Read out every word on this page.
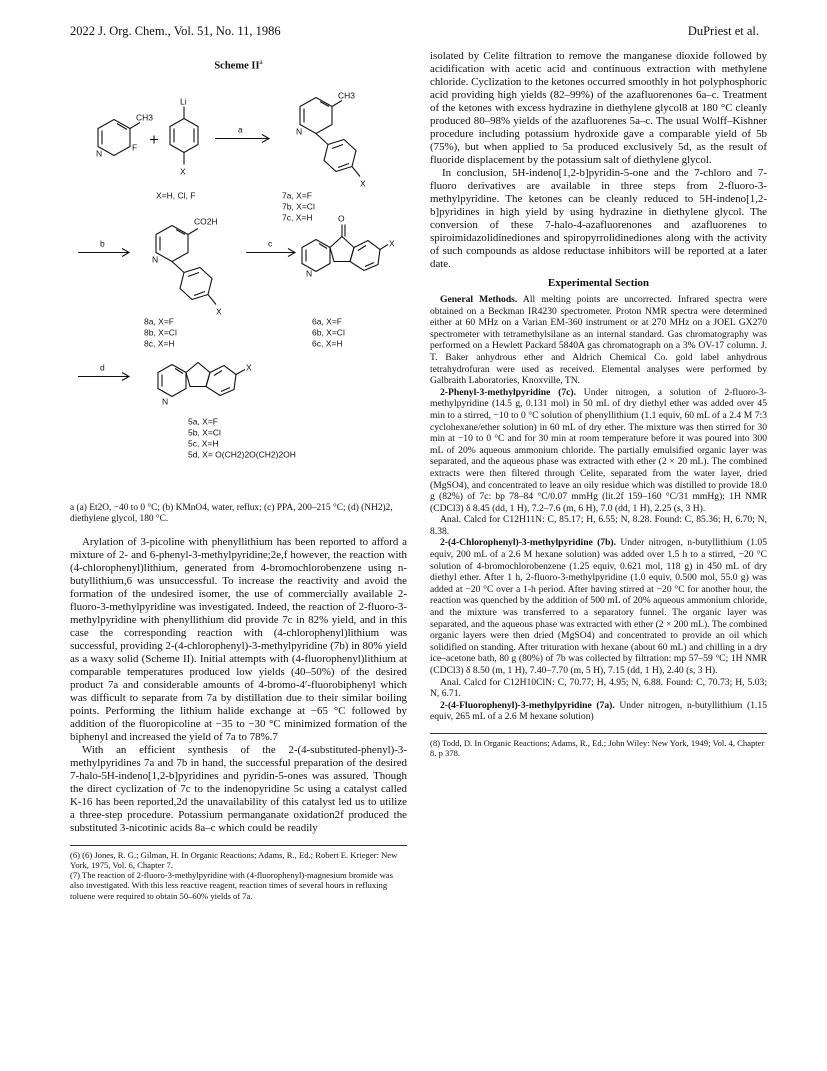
2022 J. Org. Chem., Vol. 51, No. 11, 1986	DuPriest et al.
Scheme $II^a$
CH3
N
F
Li
X
X=H, Cl, F
a
CH3
N
X
7a, X=F
7b, X=Cl
7c, X=H
b
CO2H
N
X
8a, X=F
8b, X=Cl
8c, X=H
c
O
N
X
6a, X=F
6b, X=Cl
6c, X=H
d
N
X
5a, X=F
5b, X=Cl
5c, X=H
5d, X= O(CH2)2O(CH2)2OH
a (a) Et2O, −40 to 0 °C; (b) KMnO4, water, reflux; (c) PPA, 200–215 °C; (d) (NH2)2, diethylene glycol, 180 °C.

Arylation of 3-picoline with phenyllithium has been reported to afford a mixture of 2- and 6-phenyl-3-methylpyridine;2e,f however, the reaction with (4-chlorophenyl)lithium, generated from 4-bromochlorobenzene using n-butyllithium,6 was unsuccessful. To increase the reactivity and avoid the formation of the undesired isomer, the use of commercially available 2-fluoro-3-methylpyridine was investigated. Indeed, the reaction of 2-fluoro-3-methylpyridine with phenyllithium did provide 7c in 82% yield, and in this case the corresponding reaction with (4-chlorophenyl)lithium was successful, providing 2-(4-chlorophenyl)-3-methylpyridine (7b) in 80% yield as a waxy solid (Scheme II). Initial attempts with (4-fluorophenyl)lithium at comparable temperatures produced low yields (40–50%) of the desired product 7a and considerable amounts of 4-bromo-4′-fluorobiphenyl which was difficult to separate from 7a by distillation due to their similar boiling points. Performing the lithium halide exchange at −65 °C followed by addition of the fluoropicoline at −35 to −30 °C minimized formation of the biphenyl and increased the yield of 7a to 78%.7

With an efficient synthesis of the 2-(4-substituted-phenyl)-3-methylpyridines 7a and 7b in hand, the successful preparation of the desired 7-halo-5H-indeno[1,2-b]pyridines and pyridin-5-ones was assured. Though the direct cyclization of 7c to the indenopyridine 5c using a catalyst called K-16 has been reported,2d the unavailability of this catalyst led us to utilize a three-step procedure. Potassium permanganate oxidation2f produced the substituted 3-nicotinic acids 8a–c which could be readily

(6) (6) Jones, R. G.; Gilman, H. In Organic Reactions; Adams, R., Ed.; Robert E. Krieger: New York, 1975, Vol. 6, Chapter 7.
(7) The reaction of 2-fluoro-3-methylpyridine with (4-fluorophenyl)-magnesium bromide was also investigated. With this less reactive reagent, reaction times of several hours in refluxing toluene were required to obtain 50–60% yields of 7a.

isolated by Celite filtration to remove the manganese dioxide followed by acidification with acetic acid and continuous extraction with methylene chloride. Cyclization to the ketones occurred smoothly in hot polyphosphoric acid providing high yields (82–99%) of the azafluorenones 6a–c. Treatment of the ketones with excess hydrazine in diethylene glycol8 at 180 °C cleanly produced 80–98% yields of the azafluorenes 5a–c. The usual Wolff–Kishner procedure including potassium hydroxide gave a comparable yield of 5b (75%), but when applied to 5a produced exclusively 5d, as the result of fluoride displacement by the potassium salt of diethylene glycol.

In conclusion, 5H-indeno[1,2-b]pyridin-5-one and the 7-chloro and 7-fluoro derivatives are available in three steps from 2-fluoro-3-methylpyridine. The ketones can be cleanly reduced to 5H-indeno[1,2-b]pyridines in high yield by using hydrazine in diethylene glycol. The conversion of these 7-halo-4-azafluorenones and azafluorenes to spiroimidazolidinediones and spiropyrrolidinediones along with the activity of such compounds as aldose reductase inhibitors will be reported at a later date.

Experimental Section

General Methods. All melting points are uncorrected. Infrared spectra were obtained on a Beckman IR4230 spectrometer. Proton NMR spectra were determined either at 60 MHz on a Varian EM-360 instrument or at 270 MHz on a JOEL GX270 spectrometer with tetramethylsilane as an internal standard. Gas chromatography was performed on a Hewlett Packard 5840A gas chromatograph on a 3% OV-17 column. J. T. Baker anhydrous ether and Aldrich Chemical Co. gold label anhydrous tetrahydrofuran were used as received. Elemental analyses were performed by Galbraith Laboratories, Knoxville, TN.

2-Phenyl-3-methylpyridine (7c). Under nitrogen, a solution of 2-fluoro-3-methylpyridine (14.5 g, 0.131 mol) in 50 mL of dry diethyl ether was added over 45 min to a stirred, −10 to 0 °C solution of phenyllithium (1.1 equiv, 60 mL of a 2.4 M 7:3 cyclohexane/ether solution) in 60 mL of dry ether. The mixture was then stirred for 30 min at −10 to 0 °C and for 30 min at room temperature before it was poured into 300 mL of 20% aqueous ammonium chloride. The partially emulsified organic layer was separated, and the aqueous phase was extracted with ether (2 × 20 mL). The combined extracts were then filtered through Celite, separated from the water layer, dried (MgSO4), and concentrated to leave an oily residue which was distilled to provide 18.0 g (82%) of 7c: bp 78–84 °C/0.07 mmHg (lit.2f 159–160 °C/31 mmHg); 1H NMR (CDCl3) δ 8.45 (dd, 1 H), 7.2–7.6 (m, 6 H), 7.0 (dd, 1 H), 2.25 (s, 3 H).

Anal. Calcd for C12H11N: C, 85.17; H, 6.55; N, 8.28. Found: C, 85.36; H, 6.70; N, 8.38.

2-(4-Chlorophenyl)-3-methylpyridine (7b). Under nitrogen, n-butyllithium (1.05 equiv, 200 mL of a 2.6 M hexane solution) was added over 1.5 h to a stirred, −20 °C solution of 4-bromochlorobenzene (1.25 equiv, 0.621 mol, 118 g) in 450 mL of dry diethyl ether. After 1 h, 2-fluoro-3-methylpyridine (1.0 equiv, 0.500 mol, 55.0 g) was added at −20 °C over a 1-h period. After having stirred at −20 °C for another hour, the reaction was quenched by the addition of 500 mL of 20% aqueous ammonium chloride, and the mixture was transferred to a separatory funnel. The organic layer was separated, and the aqueous phase was extracted with ether (2 × 200 mL). The combined organic layers were then dried (MgSO4) and concentrated to provide an oil which solidified on standing. After trituration with hexane (about 60 mL) and chilling in a dry ice–acetone bath, 80 g (80%) of 7b was collected by filtration: mp 57–59 °C; 1H NMR (CDCl3) δ 8.50 (m, 1 H), 7.40–7.70 (m, 5 H), 7.15 (dd, 1 H), 2.40 (s, 3 H).

Anal. Calcd for C12H10ClN: C, 70.77; H, 4.95; N, 6.88. Found: C, 70.73; H, 5.03; N, 6.71.

2-(4-Fluorophenyl)-3-methylpyridine (7a). Under nitrogen, n-butyllithium (1.15 equiv, 265 mL of a 2.6 M hexane solution)

(8) Todd, D. In Organic Reactions; Adams, R., Ed.; John Wiley: New York, 1949; Vol. 4, Chapter 8. p 378.
